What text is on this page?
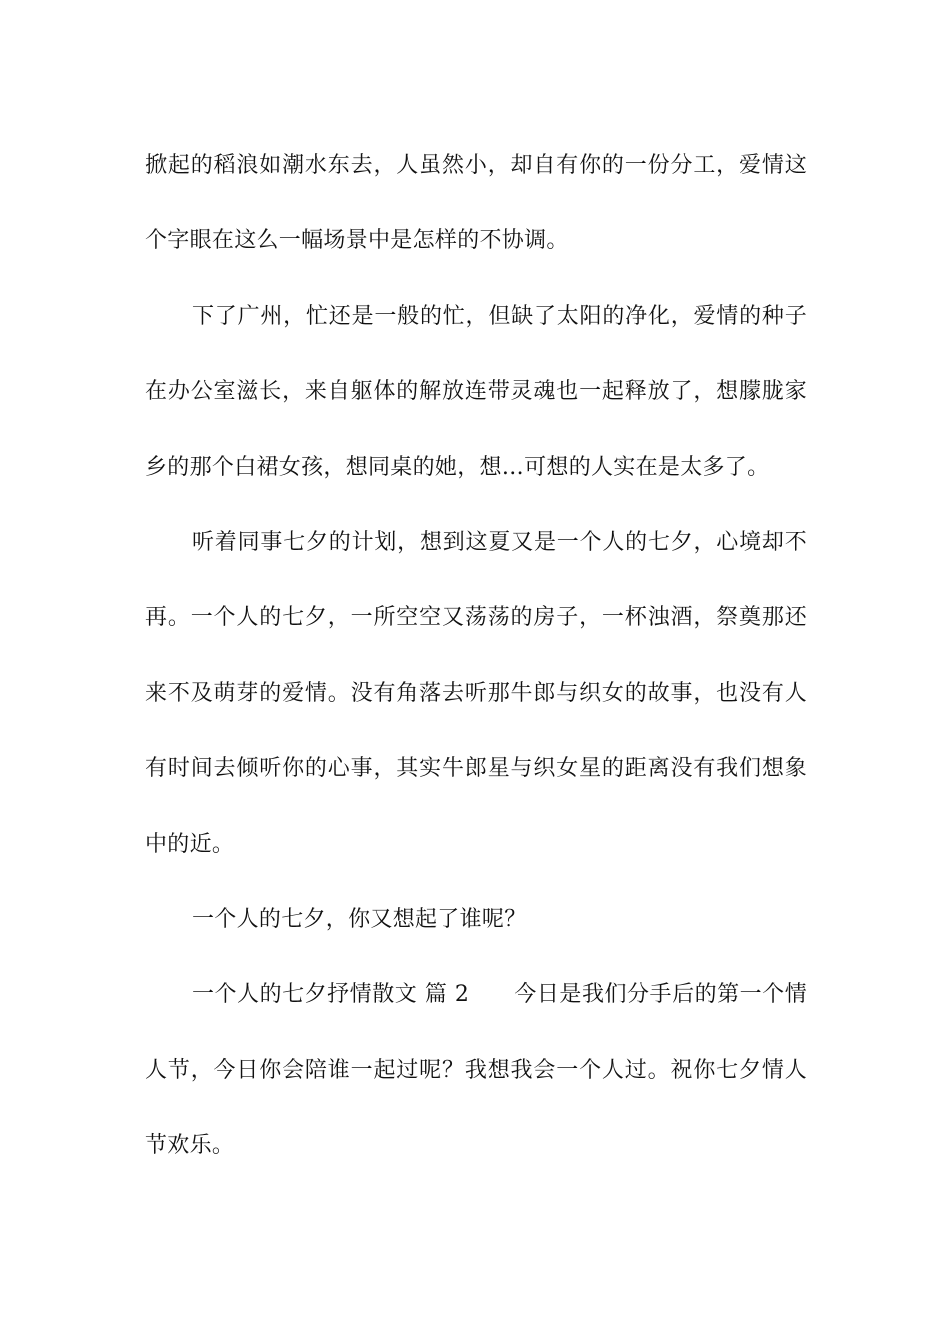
掀起的稻浪如潮水东去，人虽然小，却自有你的一份分工，爱情这个字眼在这么一幅场景中是怎样的不协调。

下了广州，忙还是一般的忙，但缺了太阳的净化，爱情的种子在办公室滋长，来自躯体的解放连带灵魂也一起释放了，想朦胧家乡的那个白裙女孩，想同桌的她，想…可想的人实在是太多了。

听着同事七夕的计划，想到这夏又是一个人的七夕，心境却不再。一个人的七夕，一所空空又荡荡的房子，一杯浊酒，祭奠那还来不及萌芽的爱情。没有角落去听那牛郎与织女的故事，也没有人有时间去倾听你的心事，其实牛郎星与织女星的距离没有我们想象中的近。

一个人的七夕，你又想起了谁呢？

一个人的七夕抒情散文 篇 2 今日是我们分手后的第一个情人节，今日你会陪谁一起过呢？我想我会一个人过。祝你七夕情人节欢乐。
